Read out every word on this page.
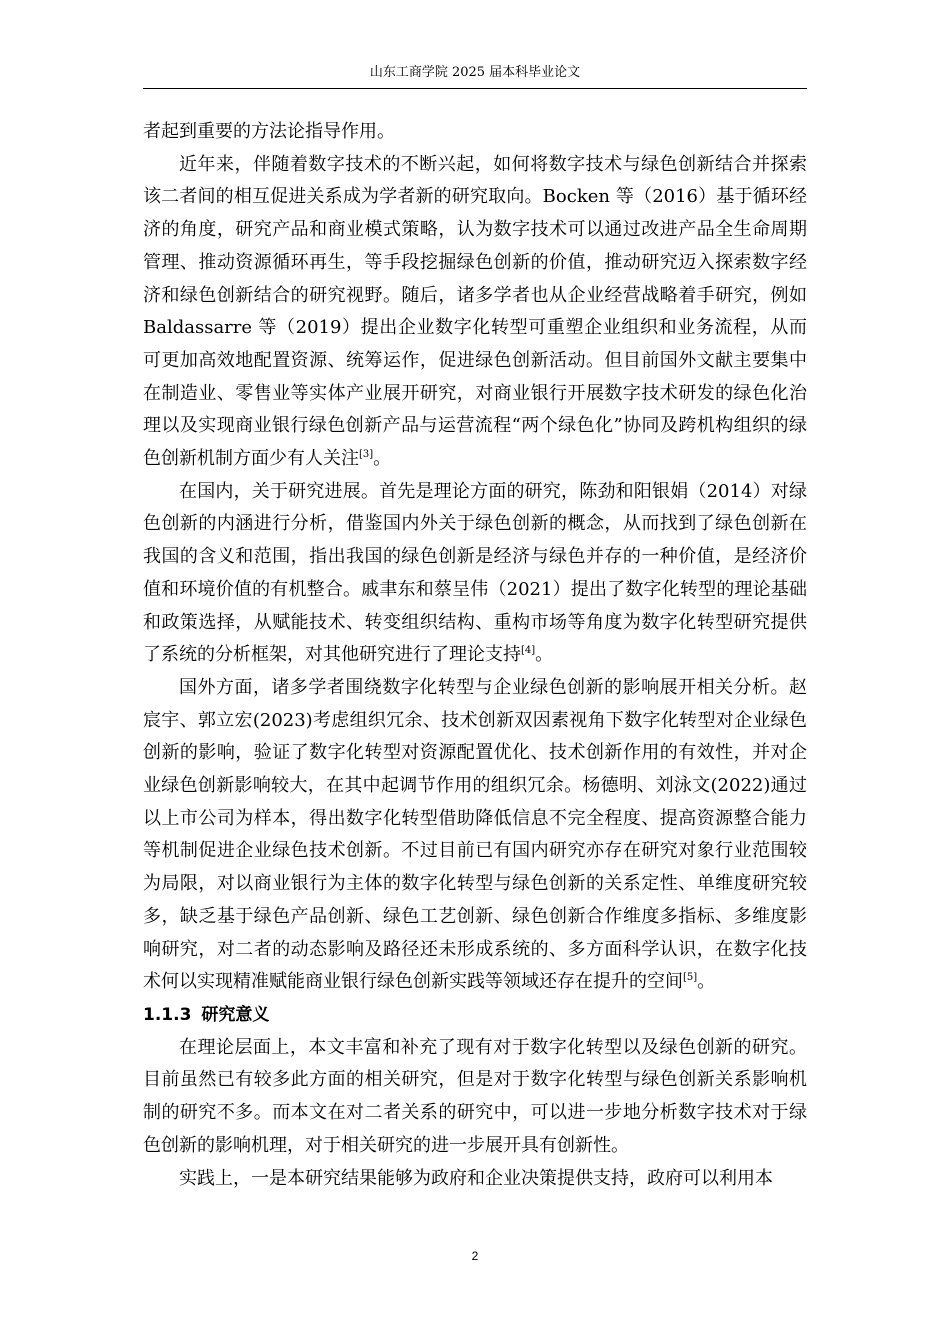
山东工商学院 2025 届本科毕业论文

者起到重要的方法论指导作用。

近年来，伴随着数字技术的不断兴起，如何将数字技术与绿色创新结合并探索该二者间的相互促进关系成为学者新的研究取向。Bocken 等（2016）基于循环经济的角度，研究产品和商业模式策略，认为数字技术可以通过改进产品全生命周期管理、推动资源循环再生，等手段挖掘绿色创新的价值，推动研究迈入探索数字经济和绿色创新结合的研究视野。随后，诸多学者也从企业经营战略着手研究，例如 Baldassarre 等（2019）提出企业数字化转型可重塑企业组织和业务流程，从而可更加高效地配置资源、统筹运作，促进绿色创新活动。但目前国外文献主要集中在制造业、零售业等实体产业展开研究，对商业银行开展数字技术研发的绿色化治理以及实现商业银行绿色创新产品与运营流程“两个绿色化”协同及跨机构组织的绿色创新机制方面少有人关注[3]。

在国内，关于研究进展。首先是理论方面的研究，陈劲和阳银娟（2014）对绿色创新的内涵进行分析，借鉴国内外关于绿色创新的概念，从而找到了绿色创新在我国的含义和范围，指出我国的绿色创新是经济与绿色并存的一种价值，是经济价值和环境价值的有机整合。戚聿东和蔡呈伟（2021）提出了数字化转型的理论基础和政策选择，从赋能技术、转变组织结构、重构市场等角度为数字化转型研究提供了系统的分析框架，对其他研究进行了理论支持[4]。

国外方面，诸多学者围绕数字化转型与企业绿色创新的影响展开相关分析。赵宸宇、郭立宏(2023)考虑组织冗余、技术创新双因素视角下数字化转型对企业绿色创新的影响，验证了数字化转型对资源配置优化、技术创新作用的有效性，并对企业绿色创新影响较大，在其中起调节作用的组织冗余。杨德明、刘泳文(2022)通过以上市公司为样本，得出数字化转型借助降低信息不完全程度、提高资源整合能力等机制促进企业绿色技术创新。不过目前已有国内研究亦存在研究对象行业范围较为局限，对以商业银行为主体的数字化转型与绿色创新的关系定性、单维度研究较多，缺乏基于绿色产品创新、绿色工艺创新、绿色创新合作维度多指标、多维度影响研究，对二者的动态影响及路径还未形成系统的、多方面科学认识，在数字化技术何以实现精准赋能商业银行绿色创新实践等领域还存在提升的空间[5]。

1.1.3 研究意义

在理论层面上，本文丰富和补充了现有对于数字化转型以及绿色创新的研究。目前虽然已有较多此方面的相关研究，但是对于数字化转型与绿色创新关系影响机制的研究不多。而本文在对二者关系的研究中，可以进一步地分析数字技术对于绿色创新的影响机理，对于相关研究的进一步展开具有创新性。

实践上，一是本研究结果能够为政府和企业决策提供支持，政府可以利用本

2
